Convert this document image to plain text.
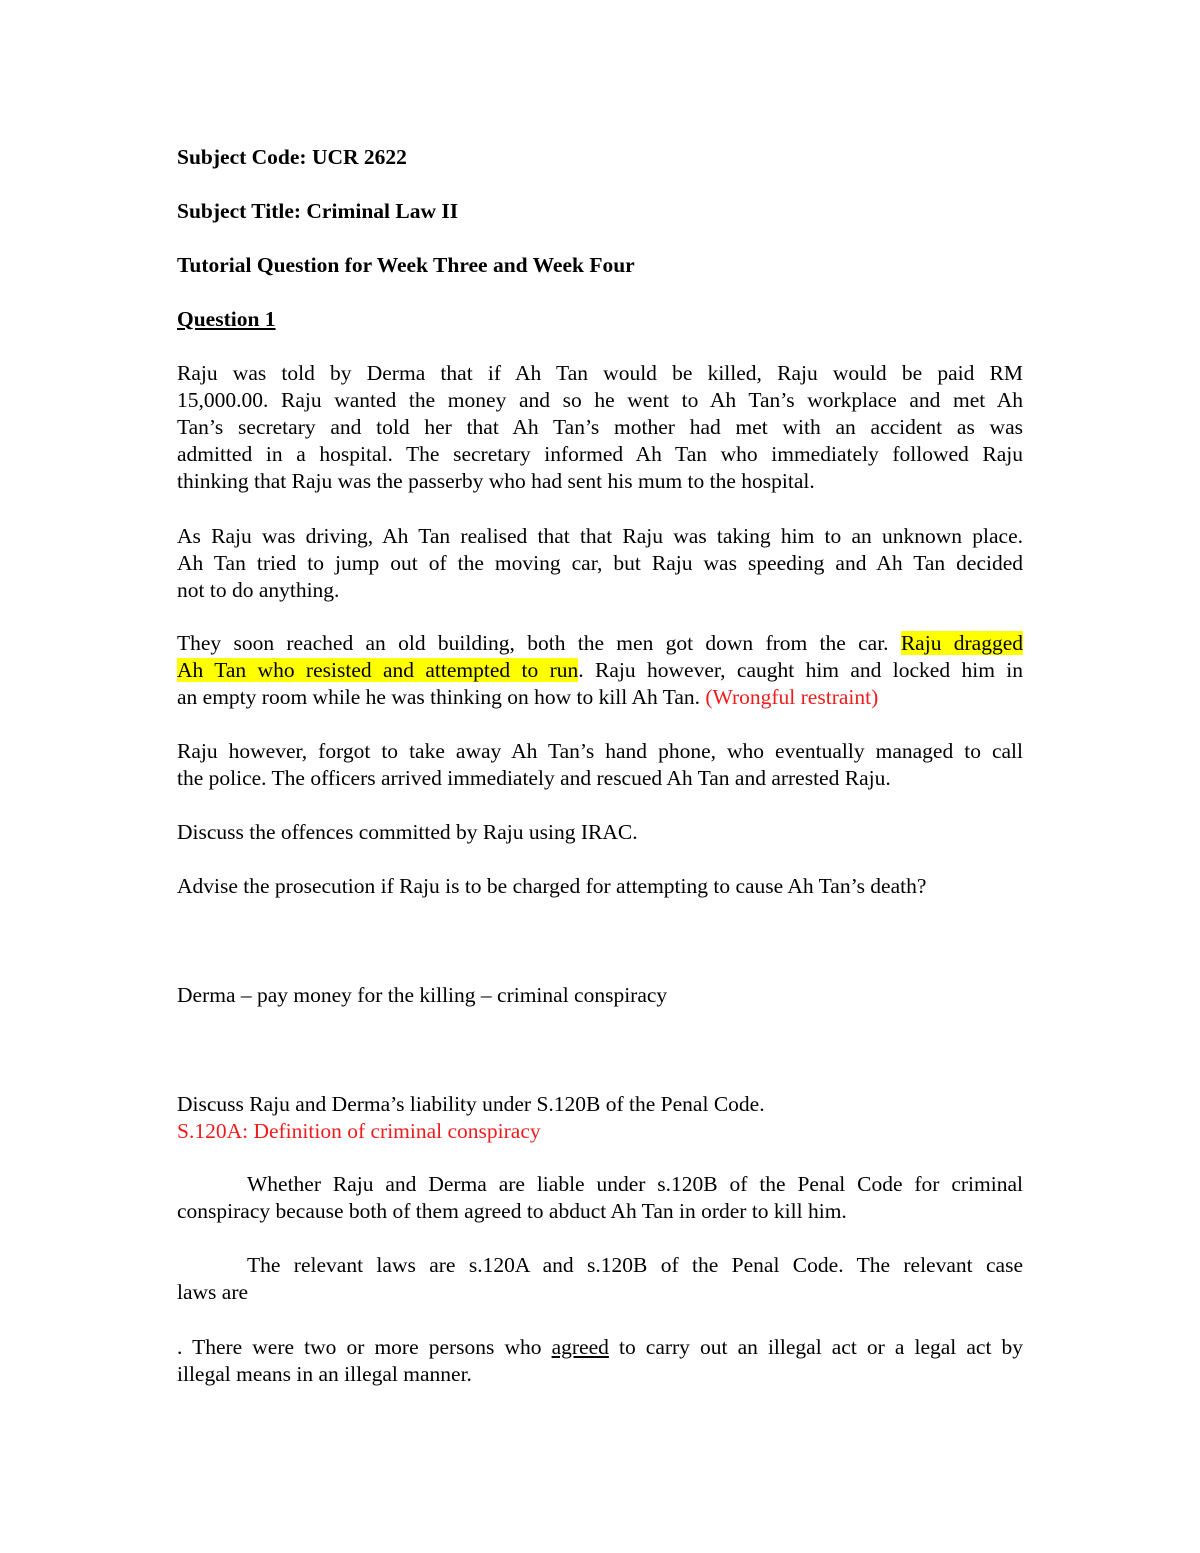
Subject Code: UCR 2622
Subject Title: Criminal Law II
Tutorial Question for Week Three and Week Four
Question 1
Raju was told by Derma that if Ah Tan would be killed, Raju would be paid RM
15,000.00. Raju wanted the money and so he went to Ah Tan’s workplace and met Ah
Tan’s secretary and told her that Ah Tan’s mother had met with an accident as was
admitted in a hospital. The secretary informed Ah Tan who immediately followed Raju
thinking that Raju was the passerby who had sent his mum to the hospital.
As Raju was driving, Ah Tan realised that that Raju was taking him to an unknown place.
Ah Tan tried to jump out of the moving car, but Raju was speeding and Ah Tan decided
not to do anything.
They soon reached an old building, both the men got down from the car. Raju dragged
Ah Tan who resisted and attempted to run. Raju however, caught him and locked him in
an empty room while he was thinking on how to kill Ah Tan. (Wrongful restraint)
Raju however, forgot to take away Ah Tan’s hand phone, who eventually managed to call
the police. The officers arrived immediately and rescued Ah Tan and arrested Raju.
Discuss the offences committed by Raju using IRAC.
Advise the prosecution if Raju is to be charged for attempting to cause Ah Tan’s death?
Derma – pay money for the killing – criminal conspiracy
Discuss Raju and Derma’s liability under S.120B of the Penal Code.
S.120A: Definition of criminal conspiracy
Whether Raju and Derma are liable under s.120B of the Penal Code for criminal
conspiracy because both of them agreed to abduct Ah Tan in order to kill him.
The relevant laws are s.120A and s.120B of the Penal Code. The relevant case
laws are
. There were two or more persons who agreed to carry out an illegal act or a legal act by
illegal means in an illegal manner.
